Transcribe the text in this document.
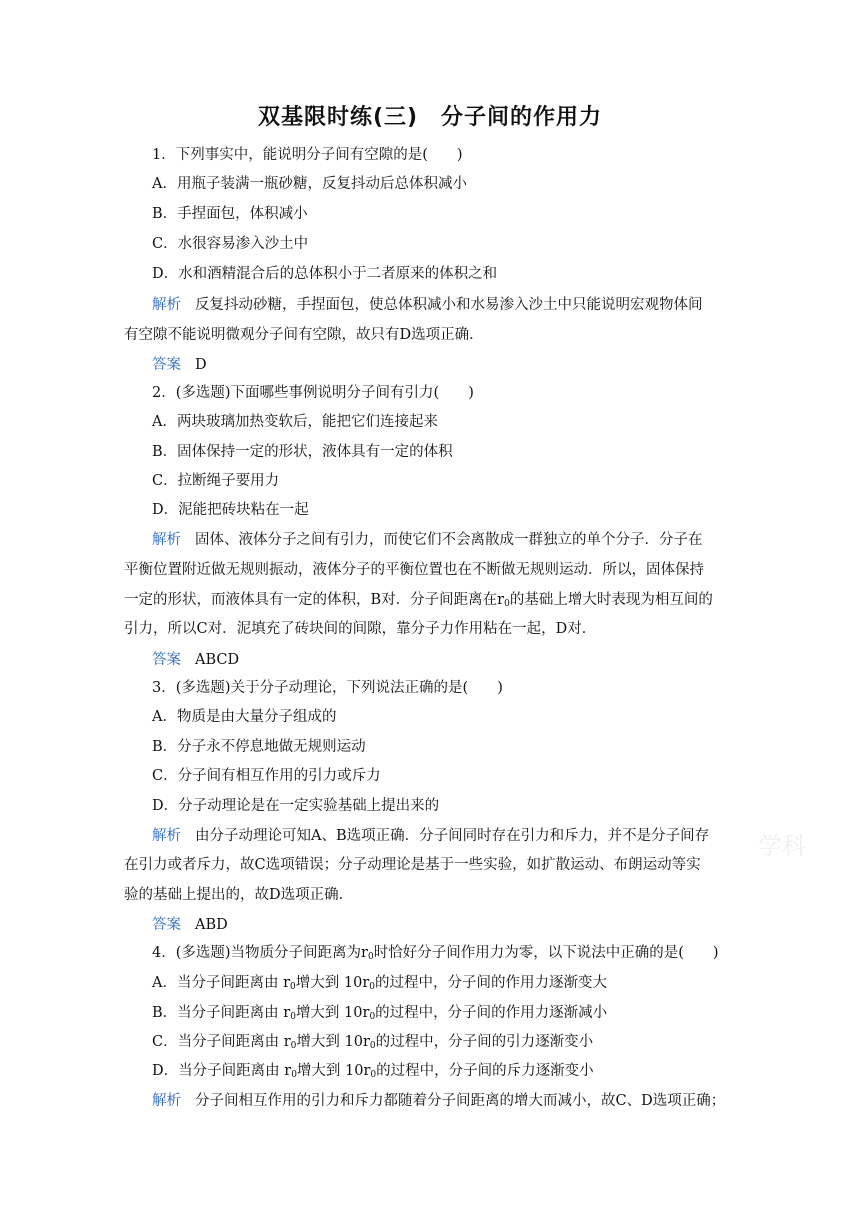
双基限时练(三)　分子间的作用力
1．下列事实中，能说明分子间有空隙的是(　　)
A．用瓶子装满一瓶砂糖，反复抖动后总体积减小
B．手捏面包，体积减小
C．水很容易渗入沙土中
D．水和酒精混合后的总体积小于二者原来的体积之和
解析 反复抖动砂糖，手捏面包，使总体积减小和水易渗入沙土中只能说明宏观物体间
有空隙不能说明微观分子间有空隙，故只有D选项正确．
答案 D
2．(多选题)下面哪些事例说明分子间有引力(　　)
A．两块玻璃加热变软后，能把它们连接起来
B．固体保持一定的形状，液体具有一定的体积
C．拉断绳子要用力
D．泥能把砖块粘在一起
解析 固体、液体分子之间有引力，而使它们不会离散成一群独立的单个分子．分子在
平衡位置附近做无规则振动，液体分子的平衡位置也在不断做无规则运动．所以，固体保持
一定的形状，而液体具有一定的体积，B对．分子间距离在$r_0$的基础上增大时表现为相互间的
引力，所以C对．泥填充了砖块间的间隙，靠分子力作用粘在一起，D对．
答案 ABCD
3．(多选题)关于分子动理论，下列说法正确的是(　　)
A．物质是由大量分子组成的
B．分子永不停息地做无规则运动
C．分子间有相互作用的引力或斥力
D．分子动理论是在一定实验基础上提出来的
解析 由分子动理论可知A、B选项正确．分子间同时存在引力和斥力，并不是分子间存
在引力或者斥力，故C选项错误；分子动理论是基于一些实验，如扩散运动、布朗运动等实
验的基础上提出的，故D选项正确．
答案 ABD
4．(多选题)当物质分子间距离为$r_0$时恰好分子间作用力为零，以下说法中正确的是(　　)
A．当分子间距离由 $r_0$增大到 $10r_0$的过程中，分子间的作用力逐渐变大
B．当分子间距离由 $r_0$增大到 $10r_0$的过程中，分子间的作用力逐渐减小
C．当分子间距离由 $r_0$增大到 $10r_0$的过程中，分子间的引力逐渐变小
D．当分子间距离由 $r_0$增大到 $10r_0$的过程中，分子间的斥力逐渐变小
解析 分子间相互作用的引力和斥力都随着分子间距离的增大而减小，故C、D选项正确；
学科
